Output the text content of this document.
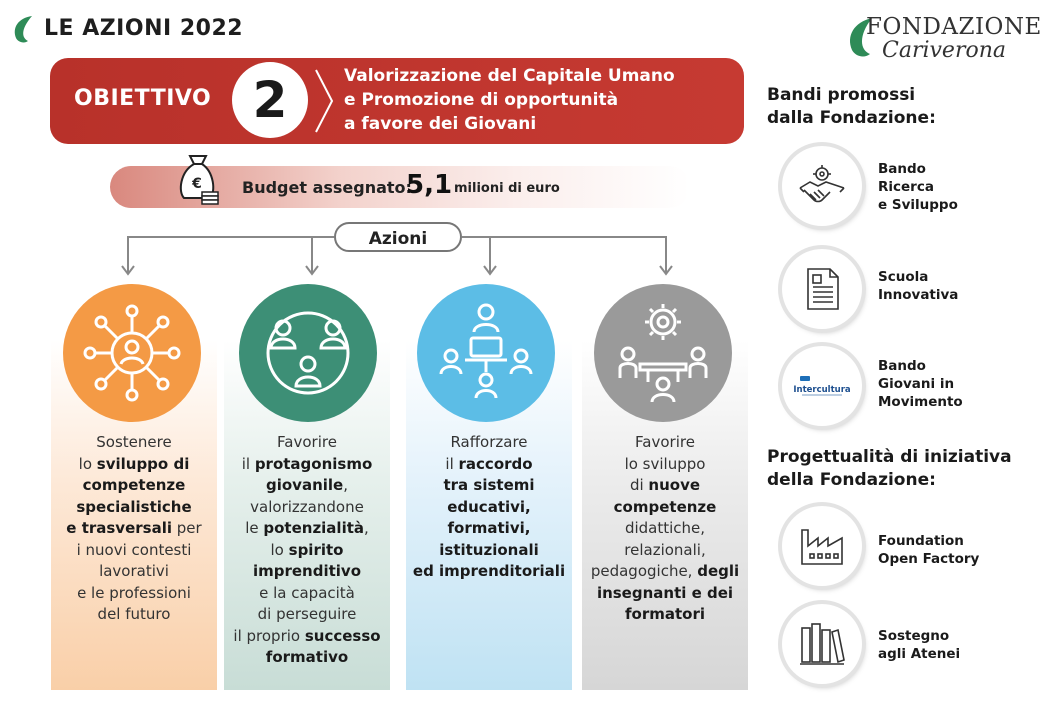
LE AZIONI 2022	FONDAZIONE
Cariverona
OBIETTIVO 2	Valorizzazione del Capitale Umano
e Promozione di opportunità
a favore dei Giovani
€	Budget assegnato:
5,1 milioni di euro
Azioni
Sostenere
lo sviluppo di
competenze
specialistiche
e trasversali per
i nuovi contesti
lavorativi
e le professioni
del futuro
Favorire
il protagonismo
giovanile,
valorizzandone
le potenzialità,
lo spirito
imprenditivo
e la capacità
di perseguire
il proprio successo
formativo
Rafforzare
il raccordo
tra sistemi
educativi,
formativi,
istituzionali
ed imprenditoriali
Favorire
lo sviluppo
di nuove
competenze
didattiche,
relazionali,
pedagogiche, degli
insegnanti e dei
formatori
Bandi promossi
dalla Fondazione:
Bando
Ricerca
e Sviluppo
Scuola
Innovativa
Intercultura
Bando
Giovani in
Movimento
Progettualità di iniziativa
della Fondazione:
Foundation
Open Factory
Sostegno
agli Atenei
